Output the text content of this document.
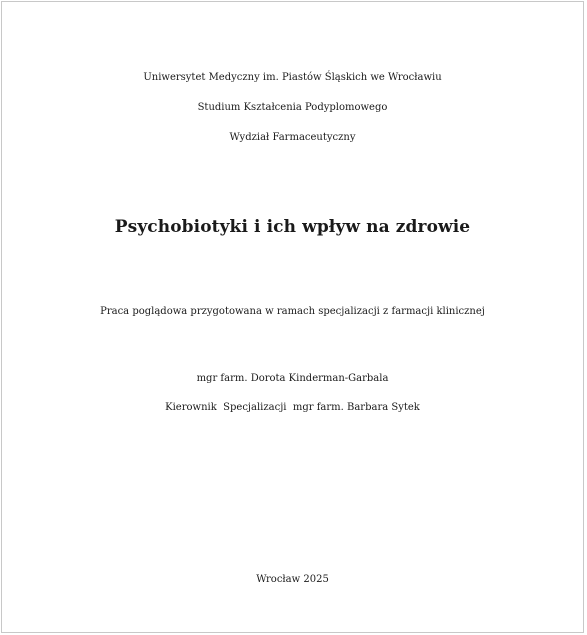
Uniwersytet Medyczny im. Piastów Śląskich we Wrocławiu
Studium Kształcenia Podyplomowego
Wydział Farmaceutyczny
Psychobiotyki i ich wpływ na zdrowie
Praca poglądowa przygotowana w ramach specjalizacji z farmacji klinicznej
mgr farm. Dorota Kinderman-Garbala
Kierownik  Specjalizacji  mgr farm. Barbara Sytek
Wrocław 2025
